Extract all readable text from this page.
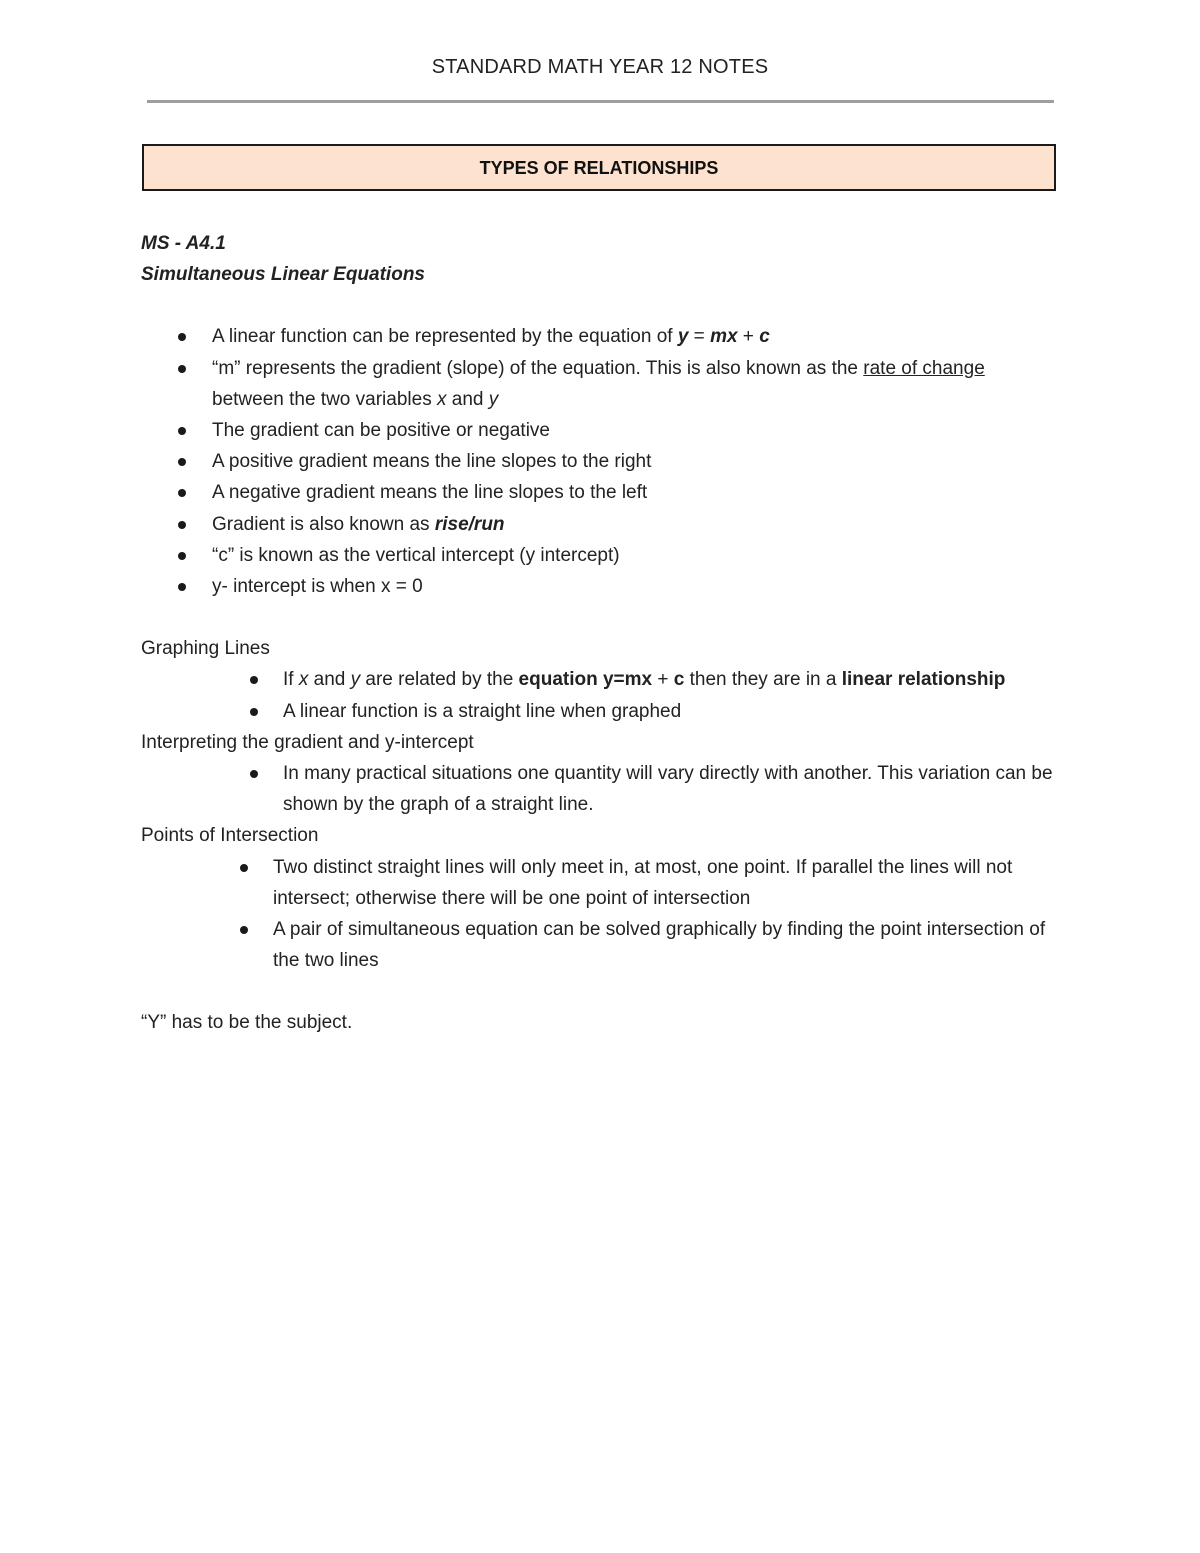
STANDARD MATH YEAR 12 NOTES
TYPES OF RELATIONSHIPS

MS - A4.1

Simultaneous Linear Equations

A linear function can be represented by the equation of y = mx + c
“m” represents the gradient (slope) of the equation. This is also known as the rate of change between the two variables x and y
The gradient can be positive or negative
A positive gradient means the line slopes to the right
A negative gradient means the line slopes to the left
Gradient is also known as rise/run
“c” is known as the vertical intercept (y intercept)
y- intercept is when x = 0

Graphing Lines

If x and y are related by the equation y=mx + c then they are in a linear relationship
A linear function is a straight line when graphed

Interpreting the gradient and y-intercept

In many practical situations one quantity will vary directly with another. This variation can be shown by the graph of a straight line.

Points of Intersection

Two distinct straight lines will only meet in, at most, one point. If parallel the lines will not intersect; otherwise there will be one point of intersection
A pair of simultaneous equation can be solved graphically by finding the point intersection of the two lines

“Y” has to be the subject.
